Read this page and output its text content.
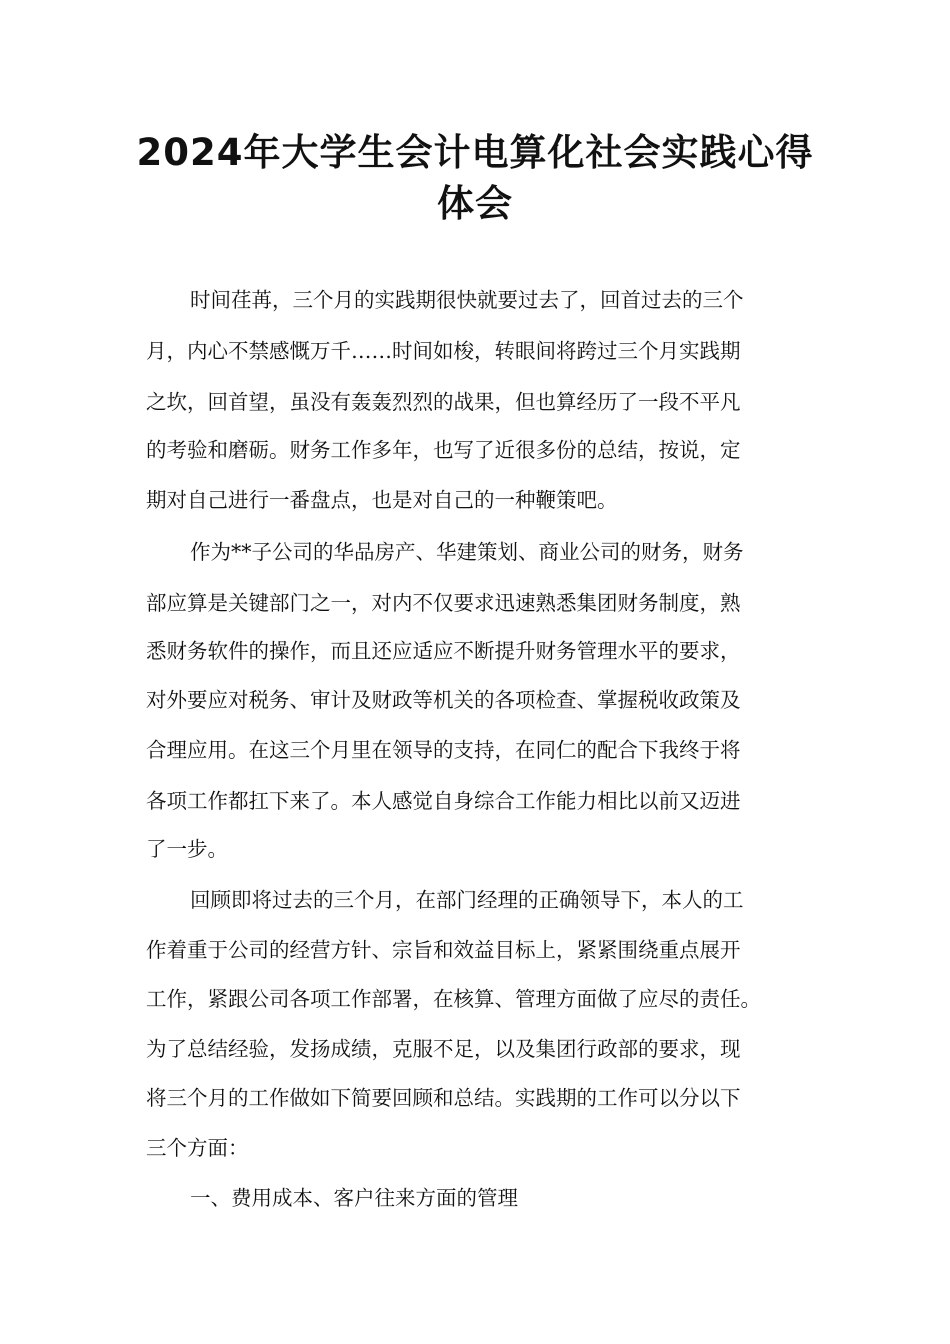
2024年大学生会计电算化社会实践心得
体会
时间荏苒，三个月的实践期很快就要过去了，回首过去的三个
月，内心不禁感慨万千……时间如梭，转眼间将跨过三个月实践期
之坎，回首望，虽没有轰轰烈烈的战果，但也算经历了一段不平凡
的考验和磨砺。财务工作多年，也写了近很多份的总结，按说，定
期对自己进行一番盘点，也是对自己的一种鞭策吧。
作为**子公司的华品房产、华建策划、商业公司的财务，财务
部应算是关键部门之一，对内不仅要求迅速熟悉集团财务制度，熟
悉财务软件的操作，而且还应适应不断提升财务管理水平的要求，
对外要应对税务、审计及财政等机关的各项检查、掌握税收政策及
合理应用。在这三个月里在领导的支持，在同仁的配合下我终于将
各项工作都扛下来了。本人感觉自身综合工作能力相比以前又迈进
了一步。
回顾即将过去的三个月，在部门经理的正确领导下，本人的工
作着重于公司的经营方针、宗旨和效益目标上，紧紧围绕重点展开
工作，紧跟公司各项工作部署，在核算、管理方面做了应尽的责任。
为了总结经验，发扬成绩，克服不足，以及集团行政部的要求，现
将三个月的工作做如下简要回顾和总结。实践期的工作可以分以下
三个方面：
一、费用成本、客户往来方面的管理
